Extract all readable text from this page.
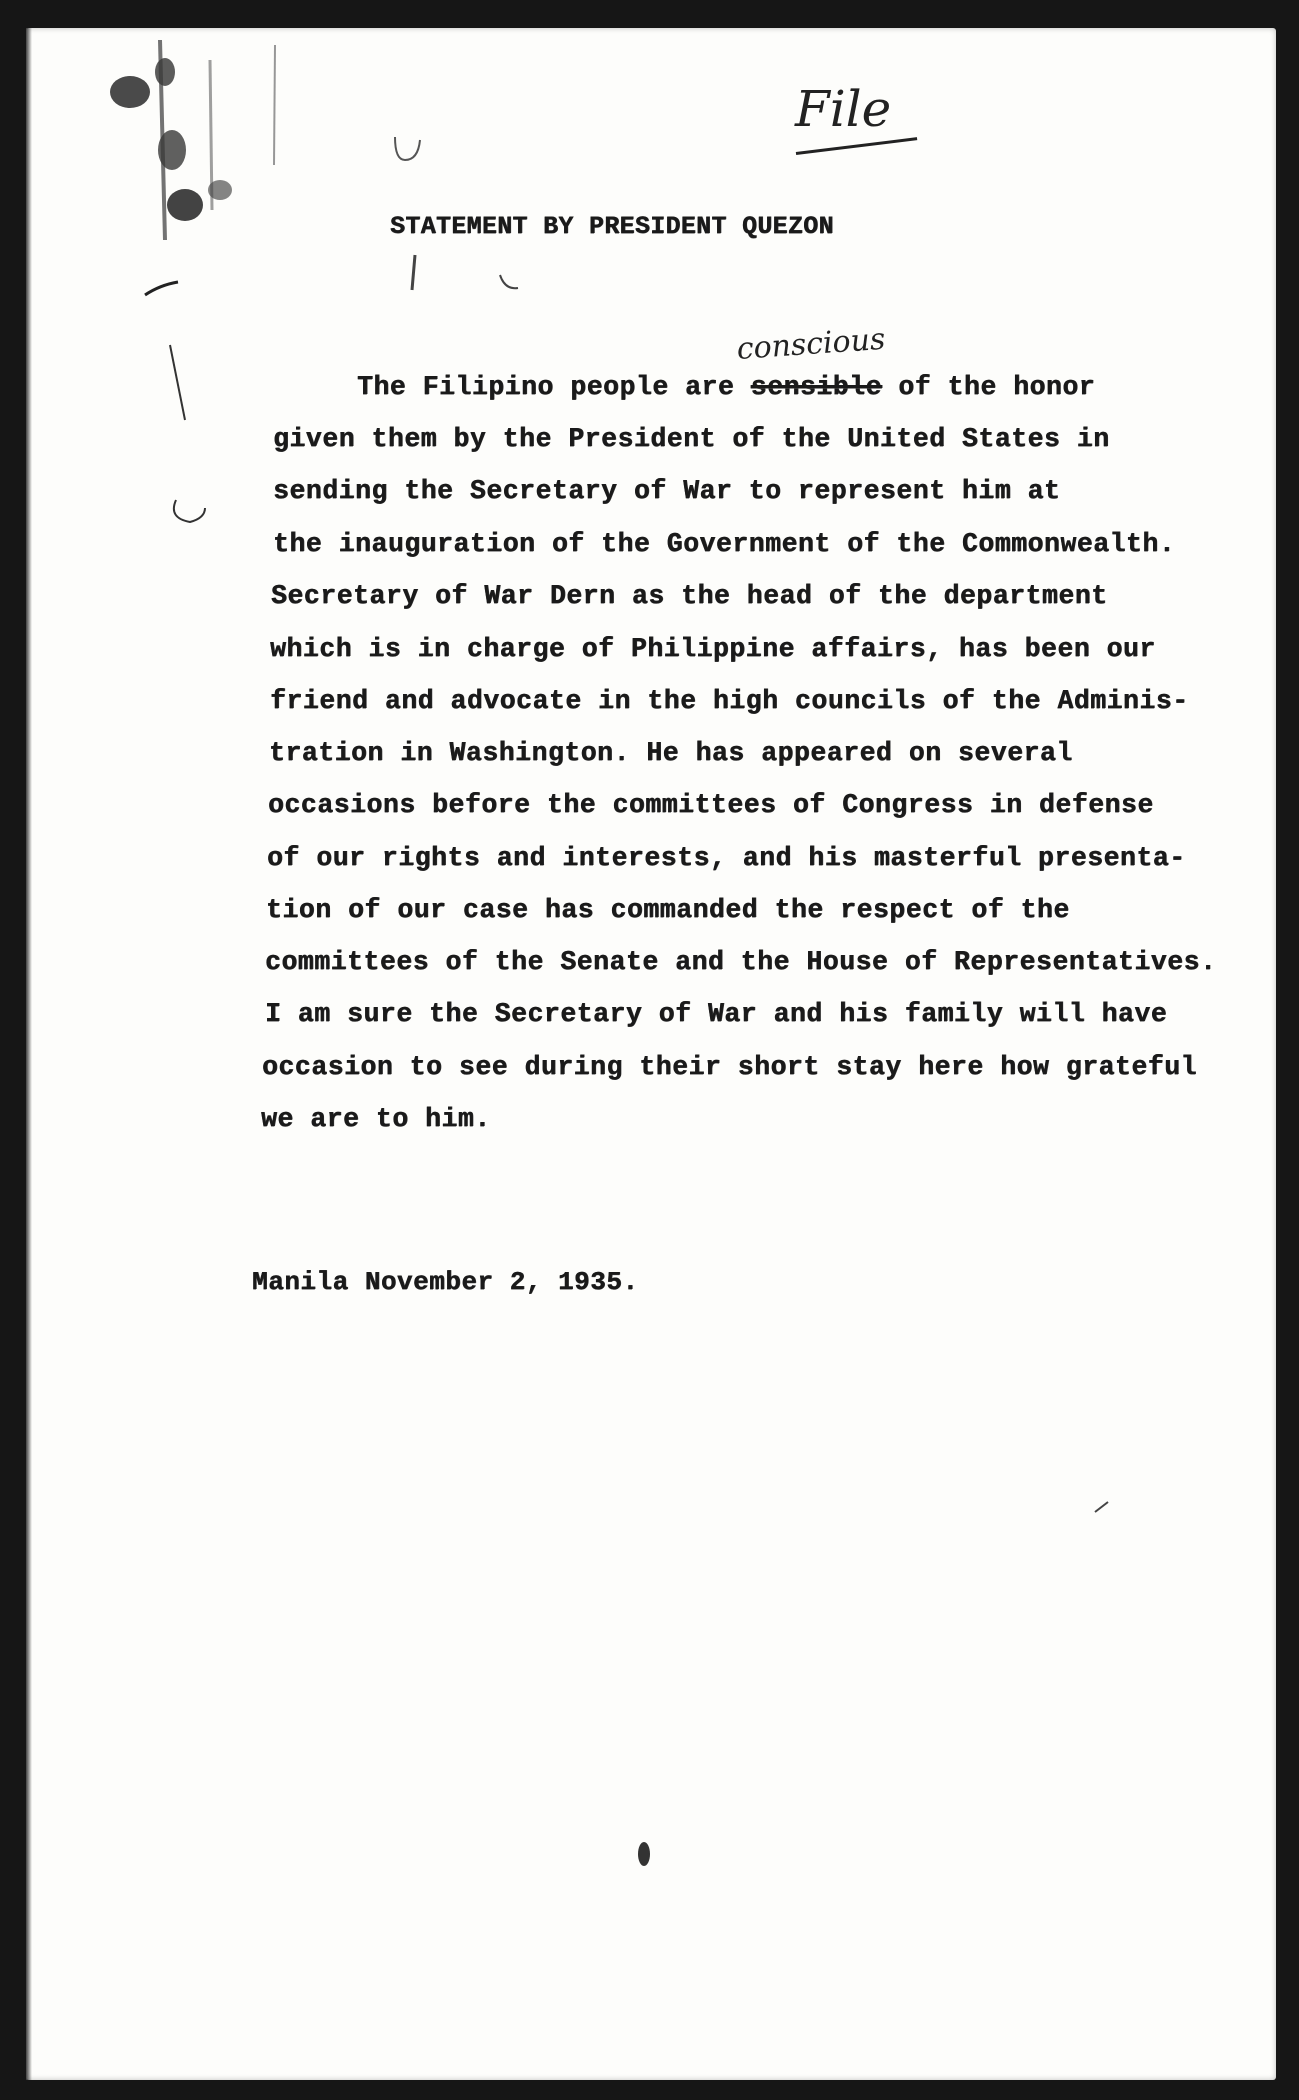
File
STATEMENT BY PRESIDENT QUEZON
conscious
The Filipino people are sensible of the honor
given them by the President of the United States in
sending the Secretary of War to represent him at
the inauguration of the Government of the Commonwealth.
Secretary of War Dern as the head of the department
which is in charge of Philippine affairs, has been our
friend and advocate in the high councils of the Adminis-
tration in Washington. He has appeared on several
occasions before the committees of Congress in defense
of our rights and interests, and his masterful presenta-
tion of our case has commanded the respect of the
committees of the Senate and the House of Representatives.
I am sure the Secretary of War and his family will have
occasion to see during their short stay here how grateful
we are to him.
Manila November 2, 1935.
